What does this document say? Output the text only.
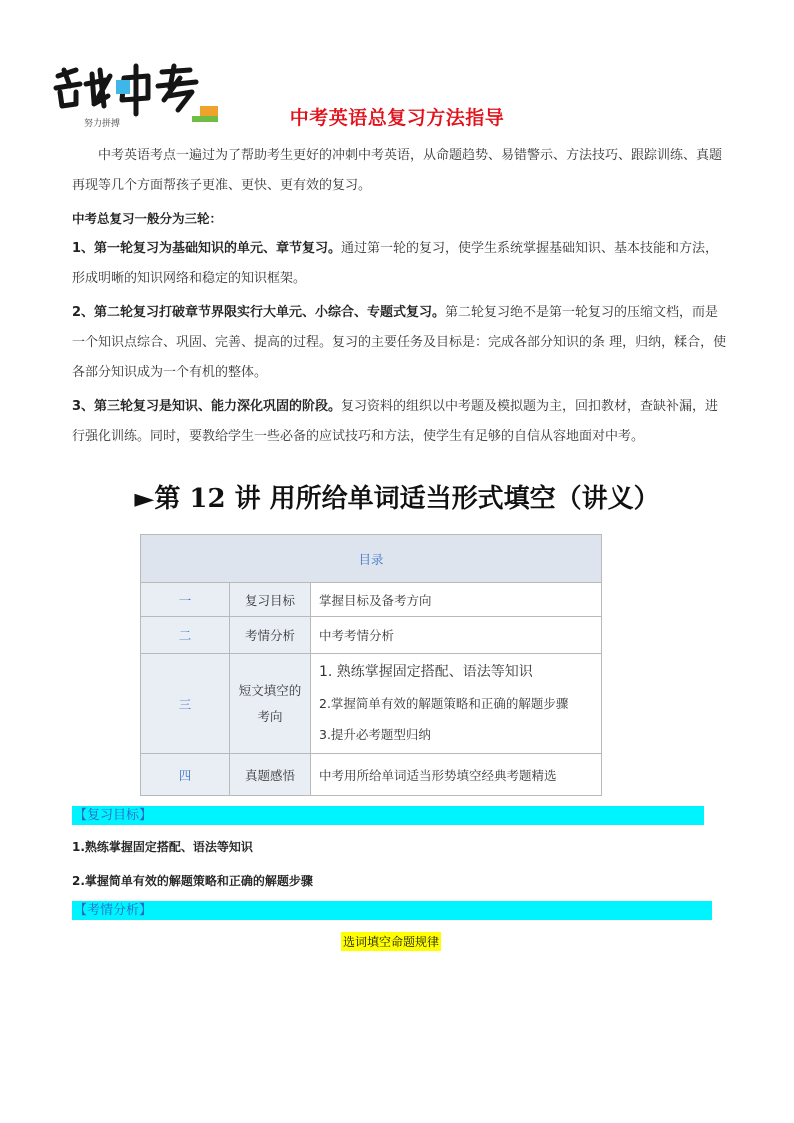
努力拼搏	中考英语总复习方法指导
中考英语考点一遍过为了帮助考生更好的冲刺中考英语，从命题趋势、易错警示、方法技巧、跟踪训练、真题再现等几个方面帮孩子更准、更快、更有效的复习。
中考总复习一般分为三轮：
1、第一轮复习为基础知识的单元、章节复习。通过第一轮的复习，使学生系统掌握基础知识、基本技能和方法，形成明晰的知识网络和稳定的知识框架。
2、第二轮复习打破章节界限实行大单元、小综合、专题式复习。第二轮复习绝不是第一轮复习的压缩文档，而是一个知识点综合、巩固、完善、提高的过程。复习的主要任务及目标是：完成各部分知识的条 理，归纳，糅合，使各部分知识成为一个有机的整体。
3、第三轮复习是知识、能力深化巩固的阶段。复习资料的组织以中考题及模拟题为主，回扣教材，查缺补漏，进行强化训练。同时，要教给学生一些必备的应试技巧和方法，使学生有足够的自信从容地面对中考。
►第 12 讲 用所给单词适当形式填空（讲义）
目录		
一	复习目标	掌握目标及备考方向
二	考情分析	中考考情分析
三	短文填空的考向	1. 熟练掌握固定搭配、语法等知识
2.掌握简单有效的解题策略和正确的解题步骤
3.提升必考题型归纳

四	真题感悟	中考用所给单词适当形势填空经典考题精选
【复习目标】
1.熟练掌握固定搭配、语法等知识
2.掌握简单有效的解题策略和正确的解题步骤
【考情分析】
选词填空命题规律
